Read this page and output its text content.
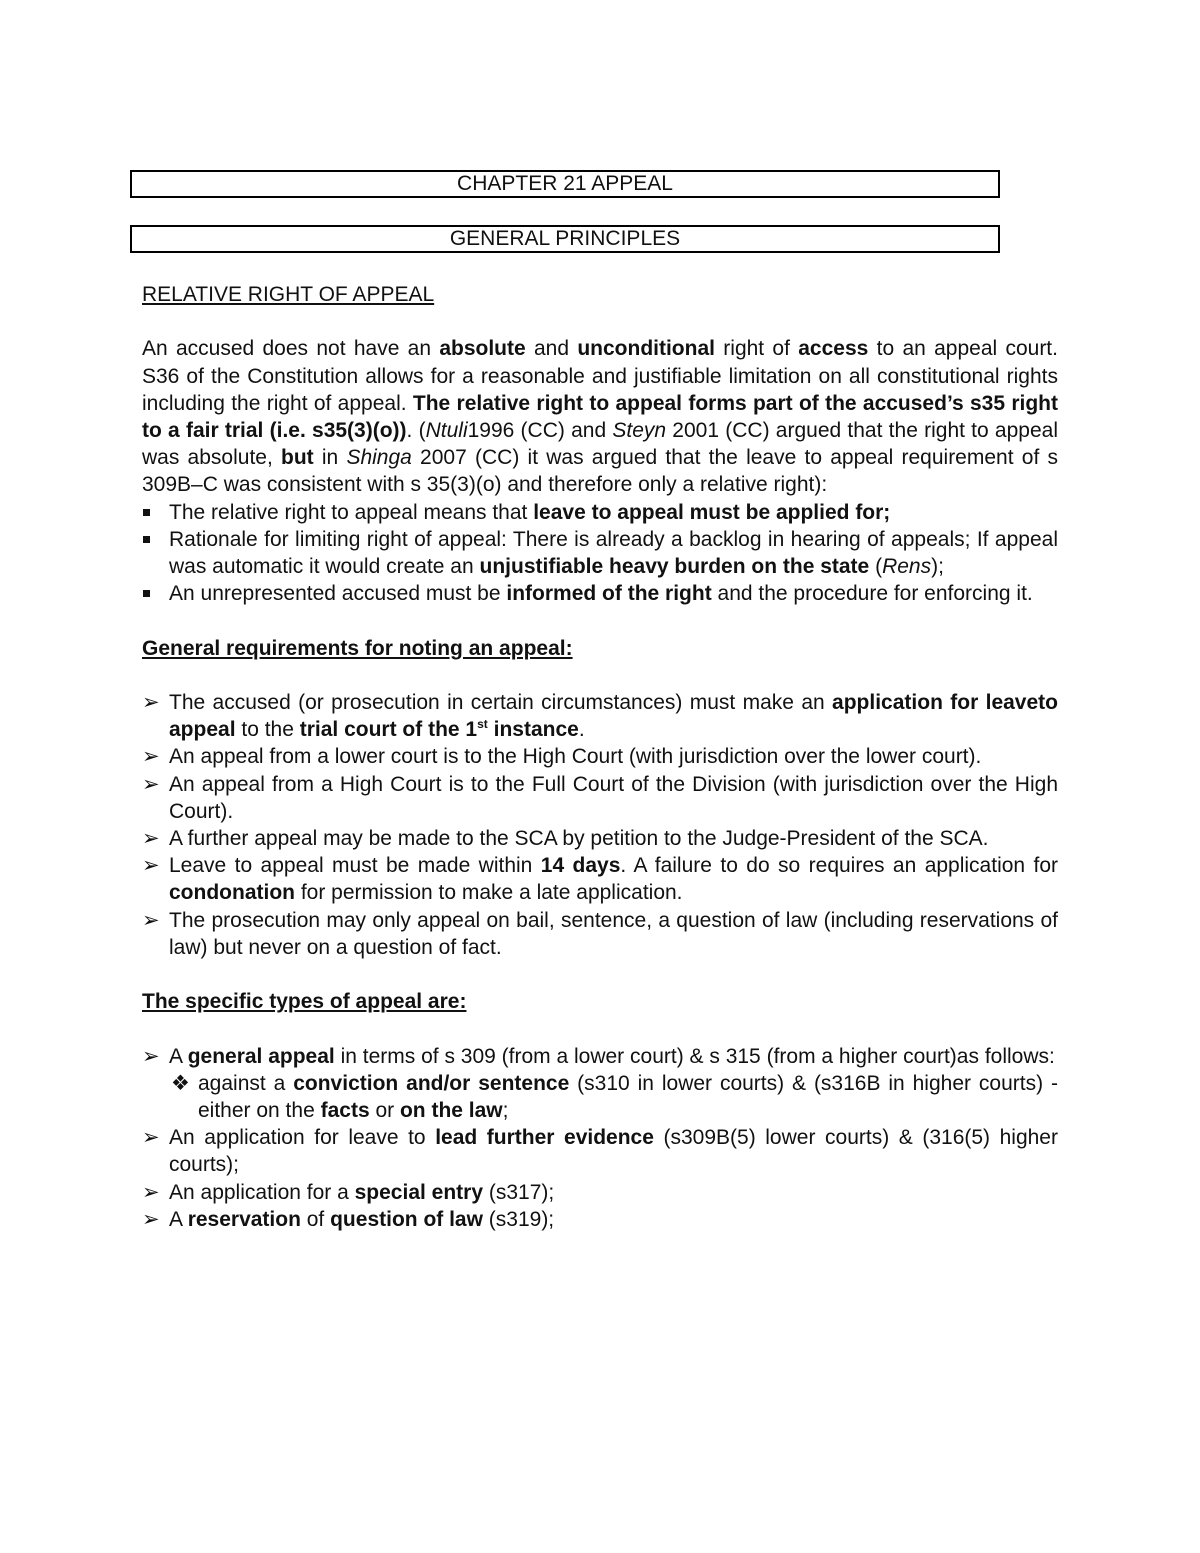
CHAPTER 21 APPEAL
GENERAL PRINCIPLES

RELATIVE RIGHT OF APPEAL

An accused does not have an absolute and unconditional right of access to an appeal court. S36 of the Constitution allows for a reasonable and justifiable limitation on all constitutional rights including the right of appeal. The relative right to appeal forms part of the accused’s s35 right to a fair trial (i.e. s35(3)(o)). (Ntuli1996 (CC) and Steyn 2001 (CC) argued that the right to appeal was absolute, but in Shinga 2007 (CC) it was argued that the leave to appeal requirement of s 309B–C was consistent with s 35(3)(o) and therefore only a relative right):

The relative right to appeal means that leave to appeal must be applied for;
Rationale for limiting right of appeal: There is already a backlog in hearing of appeals; If appeal was automatic it would create an unjustifiable heavy burden on the state (Rens);
An unrepresented accused must be informed of the right and the procedure for enforcing it.

General requirements for noting an appeal:

➢ The accused (or prosecution in certain circumstances) must make an application for leaveto appeal to the trial court of the 1st instance.
➢ An appeal from a lower court is to the High Court (with jurisdiction over the lower court).
➢ An appeal from a High Court is to the Full Court of the Division (with jurisdiction over the High Court).
➢ A further appeal may be made to the SCA by petition to the Judge-President of the SCA.
➢ Leave to appeal must be made within 14 days. A failure to do so requires an application for condonation for permission to make a late application.
➢ The prosecution may only appeal on bail, sentence, a question of law (including reservations of law) but never on a question of fact.

The specific types of appeal are:

➢ A general appeal in terms of s 309 (from a lower court) & s 315 (from a higher court)as follows:
❖ against a conviction and/or sentence (s310 in lower courts) & (s316B in higher courts) - either on the facts or on the law;
➢ An application for leave to lead further evidence (s309B(5) lower courts) & (316(5) higher courts);
➢ An application for a special entry (s317);
➢ A reservation of question of law (s319);
